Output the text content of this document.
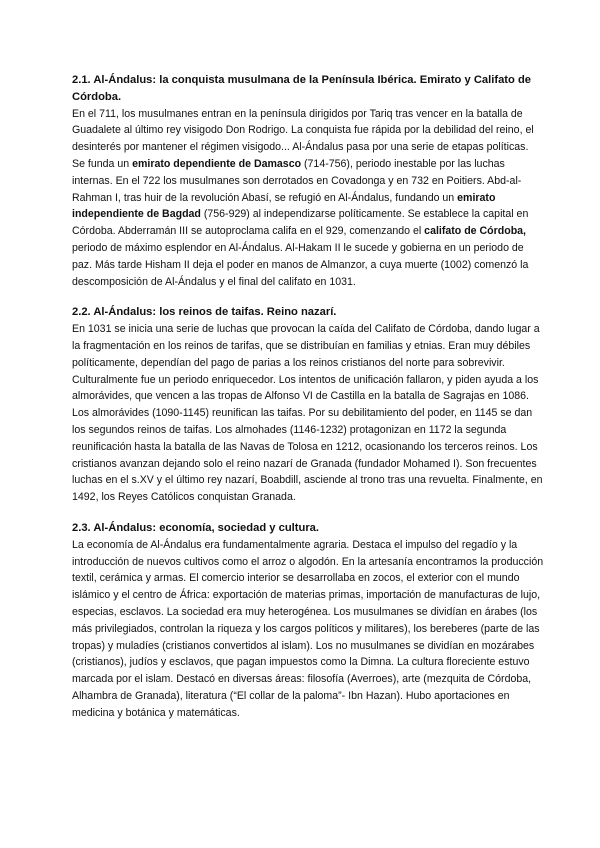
2.1. Al-Ándalus: la conquista musulmana de la Península Ibérica. Emirato y Califato de Córdoba.

En el 711, los musulmanes entran en la península dirigidos por Tariq tras vencer en la batalla de Guadalete al último rey visigodo Don Rodrigo. La conquista fue rápida por la debilidad del reino, el desinterés por mantener el régimen visigodo... Al-Ándalus pasa por una serie de etapas políticas. Se funda un emirato dependiente de Damasco (714-756), periodo inestable por las luchas internas. En el 722 los musulmanes son derrotados en Covadonga y en 732 en Poitiers. Abd-al-Rahman I, tras huir de la revolución Abasí, se refugió en Al-Ándalus, fundando un emirato independiente de Bagdad (756-929) al independizarse políticamente. Se establece la capital en Córdoba. Abderramán III se autoproclama califa en el 929, comenzando el califato de Córdoba, periodo de máximo esplendor en Al-Ándalus. Al-Hakam II le sucede y gobierna en un periodo de paz. Más tarde Hisham II deja el poder en manos de Almanzor, a cuya muerte (1002) comenzó la descomposición de Al-Ándalus y el final del califato en 1031.

2.2. Al-Ándalus: los reinos de taifas. Reino nazarí.

En 1031 se inicia una serie de luchas que provocan la caída del Califato de Córdoba, dando lugar a la fragmentación en los reinos de tarifas, que se distribuían en familias y etnias. Eran muy débiles políticamente, dependían del pago de parias a los reinos cristianos del norte para sobrevivir. Culturalmente fue un periodo enriquecedor. Los intentos de unificación fallaron, y piden ayuda a los almorávides, que vencen a las tropas de Alfonso VI de Castilla en la batalla de Sagrajas en 1086. Los almorávides (1090-1145) reunifican las taifas. Por su debilitamiento del poder, en 1145 se dan los segundos reinos de taifas. Los almohades (1146-1232) protagonizan en 1172 la segunda reunificación hasta la batalla de las Navas de Tolosa en 1212, ocasionando los terceros reinos. Los cristianos avanzan dejando solo el reino nazarí de Granada (fundador Mohamed I). Son frecuentes luchas en el s.XV y el último rey nazarí, Boabdill, asciende al trono tras una revuelta. Finalmente, en 1492, los Reyes Católicos conquistan Granada.

2.3. Al-Ándalus: economía, sociedad y cultura.

La economía de Al-Ándalus era fundamentalmente agraria. Destaca el impulso del regadío y la introducción de nuevos cultivos como el arroz o algodón. En la artesanía encontramos la producción textil, cerámica y armas. El comercio interior se desarrollaba en zocos, el exterior con el mundo islámico y el centro de África: exportación de materias primas, importación de manufacturas de lujo, especias, esclavos. La sociedad era muy heterogénea. Los musulmanes se dividían en árabes (los más privilegiados, controlan la riqueza y los cargos políticos y militares), los bereberes (parte de las tropas) y muladíes (cristianos convertidos al islam). Los no musulmanes se dividían en mozárabes (cristianos), judíos y esclavos, que pagan impuestos como la Dimna. La cultura floreciente estuvo marcada por el islam. Destacó en diversas áreas: filosofía (Averroes), arte (mezquita de Córdoba, Alhambra de Granada), literatura (“El collar de la paloma”- Ibn Hazan). Hubo aportaciones en medicina y botánica y matemáticas.
